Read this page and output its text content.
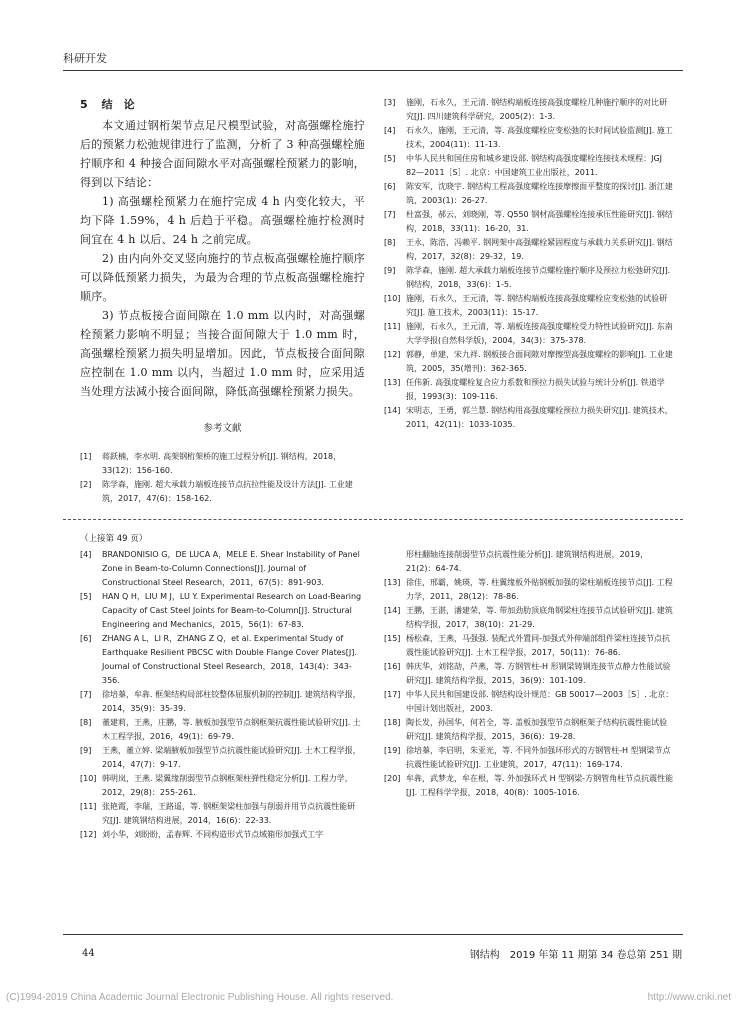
科研开发
5 结　论

本文通过钢桁架节点足尺模型试验，对高强螺栓施拧后的预紧力松弛规律进行了监测，分析了 3 种高强螺栓施拧顺序和 4 种接合面间隙水平对高强螺栓预紧力的影响，得到以下结论：

1) 高强螺栓预紧力在施拧完成 4 h 内变化较大，平均下降 1.59%，4 h 后趋于平稳。高强螺栓施拧检测时间宜在 4 h 以后、24 h 之前完成。

2) 由内向外交叉竖向施拧的节点板高强螺栓施拧顺序可以降低预紧力损失，为最为合理的节点板高强螺栓施拧顺序。

3) 节点板接合面间隙在 1.0 mm 以内时，对高强螺栓预紧力影响不明显；当接合面间隙大于 1.0 mm 时，高强螺栓预紧力损失明显增加。因此，节点板接合面间隙应控制在 1.0 mm 以内，当超过 1.0 mm 时，应采用适当处理方法减小接合面间隙，降低高强螺栓预紧力损失。

参考文献
[1] 蒋跃楠，李水明. 高架钢桁架桥的施工过程分析[J]. 钢结构，2018，33(12)：156-160.
[2] 陈学森，施刚. 超大承载力端板连接节点抗拉性能及设计方法[J]. 工业建筑，2017，47(6)：158-162.
[3] 施刚，石永久，王元清. 钢结构端板连接高强度螺栓几种施拧顺序的对比研究[J]. 四川建筑科学研究，2005(2)：1-3.
[4] 石永久，施刚，王元清，等. 高强度螺栓应变松弛的长时间试验监测[J]. 施工技术，2004(11)：11-13.
[5] 中华人民共和国住房和城乡建设部. 钢结构高强度螺栓连接技术规程：JGJ 82—2011［S］. 北京：中国建筑工业出版社，2011.
[6] 陈安军，沈晓宇. 钢结构工程高强度螺栓连接摩擦面平整度的探讨[J]. 浙江建筑，2003(1)：26-27.
[7] 杜富强，郝云，刘晓刚，等. Q550 钢材高强螺栓连接承压性能研究[J]. 钢结构，2018，33(11)：16-20，31.
[8] 王永，陈浩，冯赖平. 钢网架中高强螺栓紧固程度与承载力关系研究[J]. 钢结构，2017，32(8)：29-32，19.
[9] 陈学森，施刚. 超大承载力端板连接节点螺栓施拧顺序及预拉力松弛研究[J]. 钢结构，2018，33(6)：1-5.
[10] 施刚，石永久，王元清，等. 钢结构端板连接高强度螺栓应变松弛的试验研究[J]. 施工技术，2003(11)：15-17.
[11] 施刚，石永久，王元清，等. 端板连接高强度螺栓受力特性试验研究[J]. 东南大学学报(自然科学版)，2004，34(3)：375-378.
[12] 郭静，单建，宋九祥. 钢板接合面间隙对摩擦型高强度螺栓的影响[J]. 工业建筑，2005，35(增刊)：362-365.
[13] 任伟新. 高强度螺栓复合应力系数和预拉力损失试验与统计分析[J]. 铁道学报，1993(3)：109-116.
[14] 宋明志，王勇，郭兰慧. 钢结构用高强度螺栓预拉力损失研究[J]. 建筑技术，2011，42(11)：1033-1035.
（上接第 49 页）
[4] BRANDONISIO G，DE LUCA A，MELE E. Shear Instability of Panel Zone in Beam-to-Column Connections[J]. Journal of Constructional Steel Research，2011，67(5)：891-903.
[5] HAN Q H，LIU M J，LU Y. Experimental Research on Load-Bearing Capacity of Cast Steel Joints for Beam-to-Column[J]. Structural Engineering and Mechanics，2015，56(1)：67-83.
[6] ZHANG A L，LI R，ZHANG Z Q，et al. Experimental Study of Earthquake Resilient PBCSC with Double Flange Cover Plates[J]. Journal of Constructional Steel Research，2018，143(4)：343-356.
[7] 徐培蓁，牟犇. 框架结构局部柱铰整体屈服机制的控制[J]. 建筑结构学报，2014，35(9)：35-39.
[8] 董建莉，王燕，庄鹏，等. 腋板加强型节点钢框架抗震性能试验研究[J]. 土木工程学报，2016，49(1)：69-79.
[9] 王燕，董立婷. 梁端腋板加强型节点抗震性能试验研究[J]. 土木工程学报，2014，47(7)：9-17.
[10] 韩明岚，王燕. 梁翼缘削弱型节点钢框架柱弹性稳定分析[J]. 工程力学，2012，29(8)：255-261.
[11] 张艳霞，李瑞，王路遥，等. 钢框架梁柱加强与削弱并用节点抗震性能研究[J]. 建筑钢结构进展，2014，16(6)：22-33.
[12] 刘小华，刘盼盼，孟春辉. 不同构造形式节点域箱形加强式工字
形柱翻轴连接削弱型节点抗震性能分析[J]. 建筑钢结构进展，2019，21(2)：64-74.
[13] 徐佳，邢霸，姚瑛，等. 柱翼缘板外贴钢板加强的梁柱端板连接节点[J]. 工程力学，2011，28(12)：78-86.
[14] 王鹏，王湛，潘建荣，等. 带加劲肋顶底角钢梁柱连接节点试验研究[J]. 建筑结构学报，2017，38(10)：21-29.
[15] 杨松森，王燕，马强强. 装配式外置同-加强式外伸端部组件梁柱连接节点抗震性能试验研究[J]. 土木工程学报，2017，50(11)：76-86.
[16] 韩庆华，刘铭劼，芦燕，等. 方钢管柱-H 形钢梁铸钢连接节点静力性能试验研究[J]. 建筑结构学报，2015，36(9)：101-109.
[17] 中华人民共和国建设部. 钢结构设计规范：GB 50017—2003［S］. 北京：中国计划出版社，2003.
[18] 陶长发，孙国华，何若全，等. 盖板加强型节点钢框架子结构抗震性能试验研究[J]. 建筑结构学报，2015，36(6)：19-28.
[19] 徐培蓁，李启明，朱亚光，等. 不同外加强环形式的方钢管柱-H 型钢梁节点抗震性能试验研究[J]. 工业建筑，2017，47(11)：169-174.
[20] 牟犇，武梦龙，牟在根，等. 外加强环式 H 型钢梁-方钢管角柱节点抗震性能[J]. 工程科学学报，2018，40(8)：1005-1016.
44	钢结构　2019 年第 11 期第 34 卷总第 251 期
(C)1994-2019 China Academic Journal Electronic Publishing House. All rights reserved.	http://www.cnki.net
